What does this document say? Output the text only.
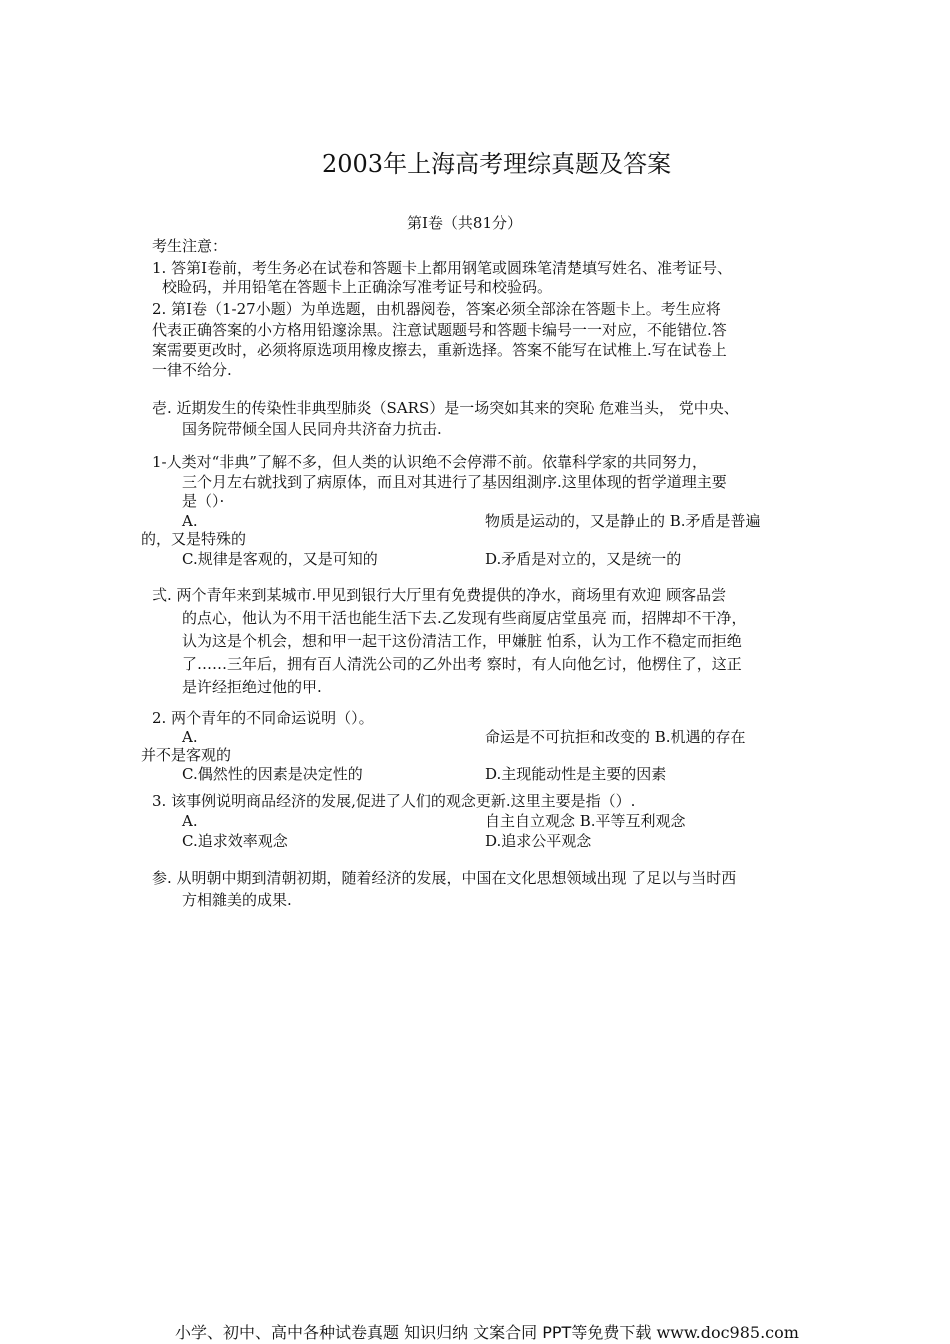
2003年上海高考理综真题及答案
第Ⅰ卷（共81分）
考生注意：
1. 答第Ⅰ卷前，考生务必在试卷和答题卡上都用钢笔或圆珠笔清楚填写姓名、准考证号、
校睑码，并用铅笔在答题卡上正确涂写准考证号和校验码。
2. 第Ⅰ卷（1-27小题）为单选题，由机器阅卷，答案必须全部涂在答题卡上。考生应将
代表正确答案的小方格用铅邃涂黒。注意试题题号和答题卡编号一一对应，不能错位.答
案需要更改时，必须将原选项用橡皮擦去，重新选择。答案不能写在试椎上.写在试卷上
一律不给分.
壱. 近期发生的传染性非典型肺炎（SARS）是一场突如其来的突恥 危难当头， 党中央、
国务院带倾全国人民同舟共济奋力抗击.
1-人类对“非典”了解不多，但人类的认识绝不会停滞不前。依靠科学家的共同努力，
三个月左右就找到了病原体，而且对其进行了基因组測序.这里体现的哲学道理主要
是（）·
A.	物质是运动的，又是静止的 B.矛盾是普遍
的，又是特殊的
C.规律是客观的，又是可知的	D.矛盾是对立的，又是统一的
弍. 两个青年来到某城市.甲见到银行大厅里有免费提供的净水，商场里有欢迎 顾客品尝
的点心，他认为不用干活也能生活下去.乙发现有些商厦店堂虽亮 而，招牌却不干净，
认为这是个机会，想和甲一起干这份清洁工作，甲嫌脏 怕系，认为工作不稳定而拒绝
了……三年后，拥有百人清洗公司的乙外出考 察时，有人向他乞讨，他楞住了，这正
是许经拒绝过他的甲.
2. 两个青年的不同命运说明（）。
A.	命运是不可抗拒和改变的 B.机遇的存在
并不是客观的
C.偶然性的因素是决定性的	D.主现能动性是主要的因素
3. 该事例说明商品经济的发展,促进了人们的观念更新.这里主要是指（）.
A.	自主自立观念 B.平等互利观念
C.追求效率观念	D.追求公平观念
参. 从明朝中期到清朝初期，随着经济的发展，中国在文化思想领域出现 了足以与当时西
方相雜美的成果.
小学、初中、高中各种试卷真题 知识归纳 文案合同 PPT等免费下载 www.doc985.com
